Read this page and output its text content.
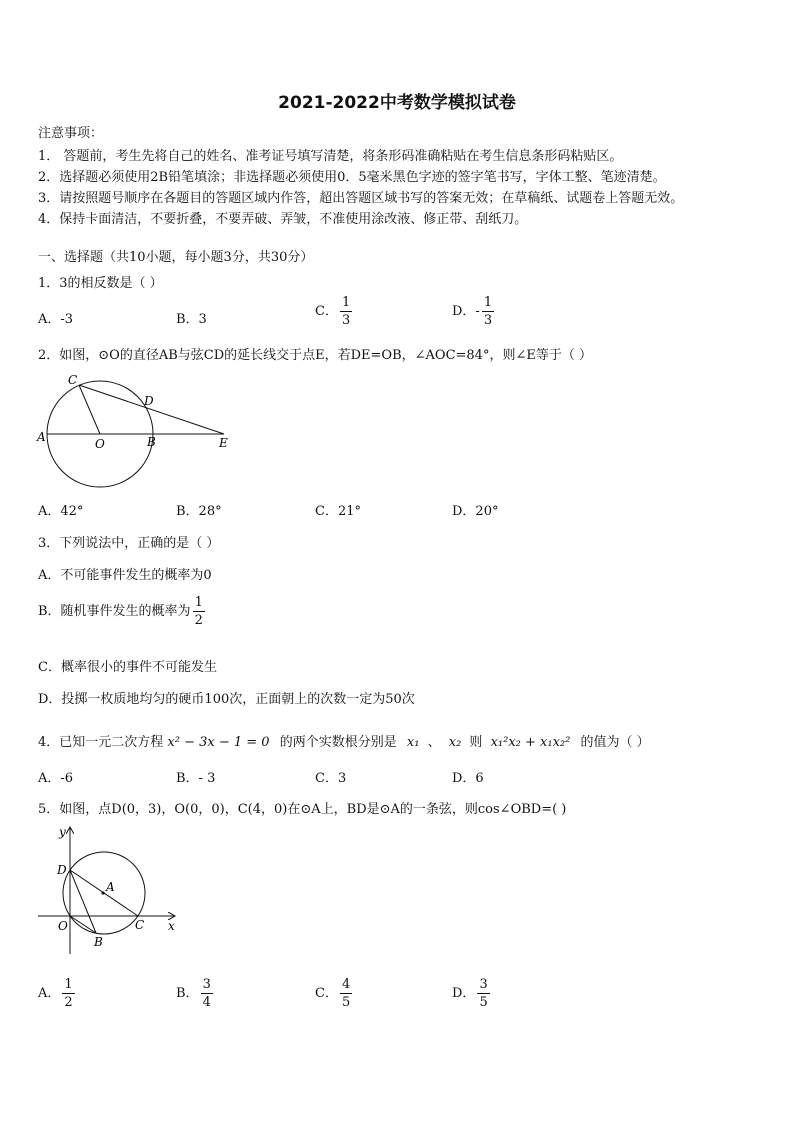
2021-2022中考数学模拟试卷
注意事项：
1． 答题前，考生先将自己的姓名、准考证号填写清楚，将条形码准确粘贴在考生信息条形码粘贴区。
2．选择题必须使用2B铅笔填涂；非选择题必须使用0．5毫米黑色字迹的签字笔书写，字体工整、笔迹清楚。
3．请按照题号顺序在各题目的答题区域内作答，超出答题区域书写的答案无效；在草稿纸、试题卷上答题无效。
4．保持卡面清洁，不要折叠，不要弄破、弄皱，不准使用涂改液、修正带、刮纸刀。
一、选择题（共10小题，每小题3分，共30分）
1．3的相反数是（ ）
A．-3	B．3
C． $\frac{1}{3}$	D．- $\frac{1}{3}$
2．如图，⊙O的直径AB与弦CD的延长线交于点E，若DE=OB，∠AOC=84°，则∠E等于（ ）
C
D
A	O	B	E
A．42°	B．28°	C．21°	D．20°
3．下列说法中，正确的是（ ）
A．不可能事件发生的概率为0
B．随机事件发生的概率为 $\frac{1}{2}$
C．概率很小的事件不可能发生
D．投掷一枚质地均匀的硬币100次，正面朝上的次数一定为50次
4．已知一元二次方程 x² − 3x − 1 = 0 的两个实数根分别是 x₁ 、 x₂ 则 x₁²x₂ + x₁x₂² 的值为（ ）
A．-6	B．- 3	C．3	D．6
5．如图，点D(0，3)，O(0，0)，C(4，0)在⊙A上，BD是⊙A的一条弦，则cos∠OBD=( )
y
x
D
A
O
B
C
A． $\frac{1}{2}$	B． $\frac{3}{4}$	C． $\frac{4}{5}$	D． $\frac{3}{5}$
